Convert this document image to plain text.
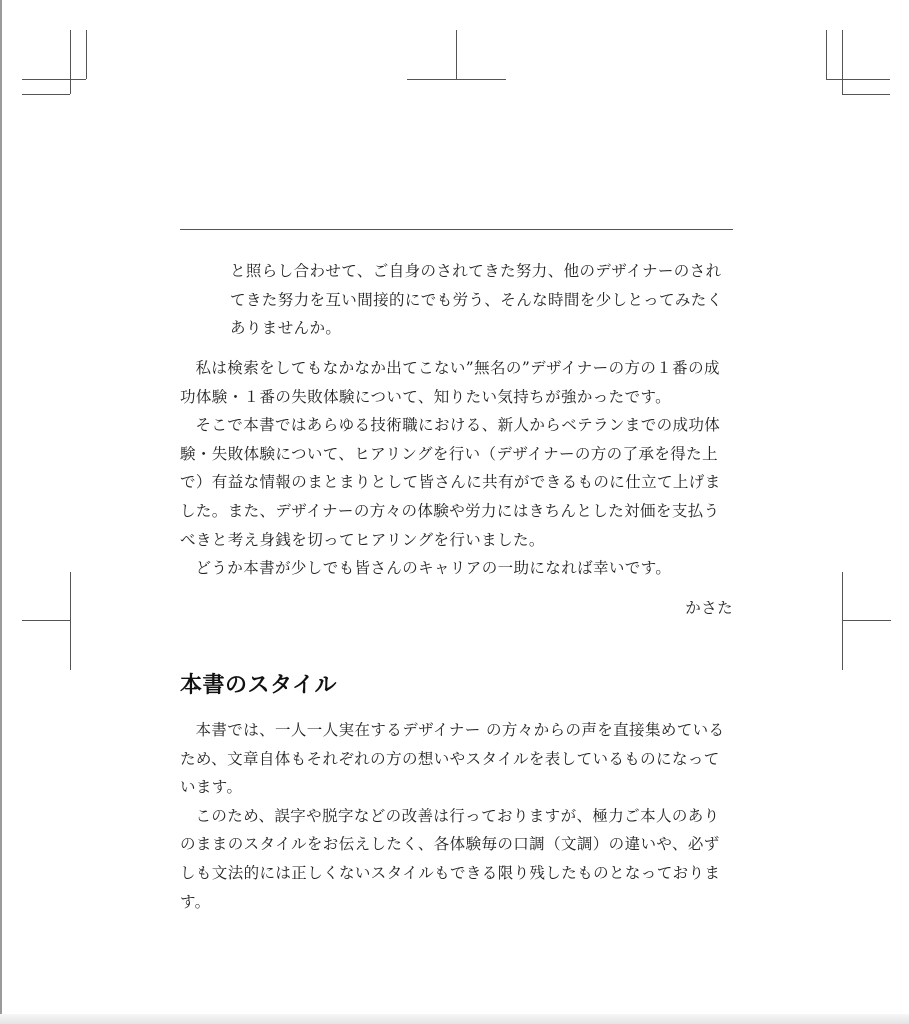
と照らし合わせて、ご自身のされてきた努力、他のデザイナーのされてきた努力を互い間接的にでも労う、そんな時間を少しとってみたくありませんか。

私は検索をしてもなかなか出てこない”無名の”デザイナーの方の１番の成功体験・１番の失敗体験について、知りたい気持ちが強かったです。

そこで本書ではあらゆる技術職における、新人からベテランまでの成功体験・失敗体験について、ヒアリングを行い（デザイナーの方の了承を得た上で）有益な情報のまとまりとして皆さんに共有ができるものに仕立て上げました。また、デザイナーの方々の体験や労力にはきちんとした対価を支払うべきと考え身銭を切ってヒアリングを行いました。

どうか本書が少しでも皆さんのキャリアの一助になれば幸いです。

かさた

本書のスタイル

本書では、一人一人実在するデザイナー の方々からの声を直接集めているため、文章自体もそれぞれの方の想いやスタイルを表しているものになっています。

このため、誤字や脱字などの改善は行っておりますが、極力ご本人のありのままのスタイルをお伝えしたく、各体験毎の口調（文調）の違いや、必ずしも文法的には正しくないスタイルもできる限り残したものとなっております。
